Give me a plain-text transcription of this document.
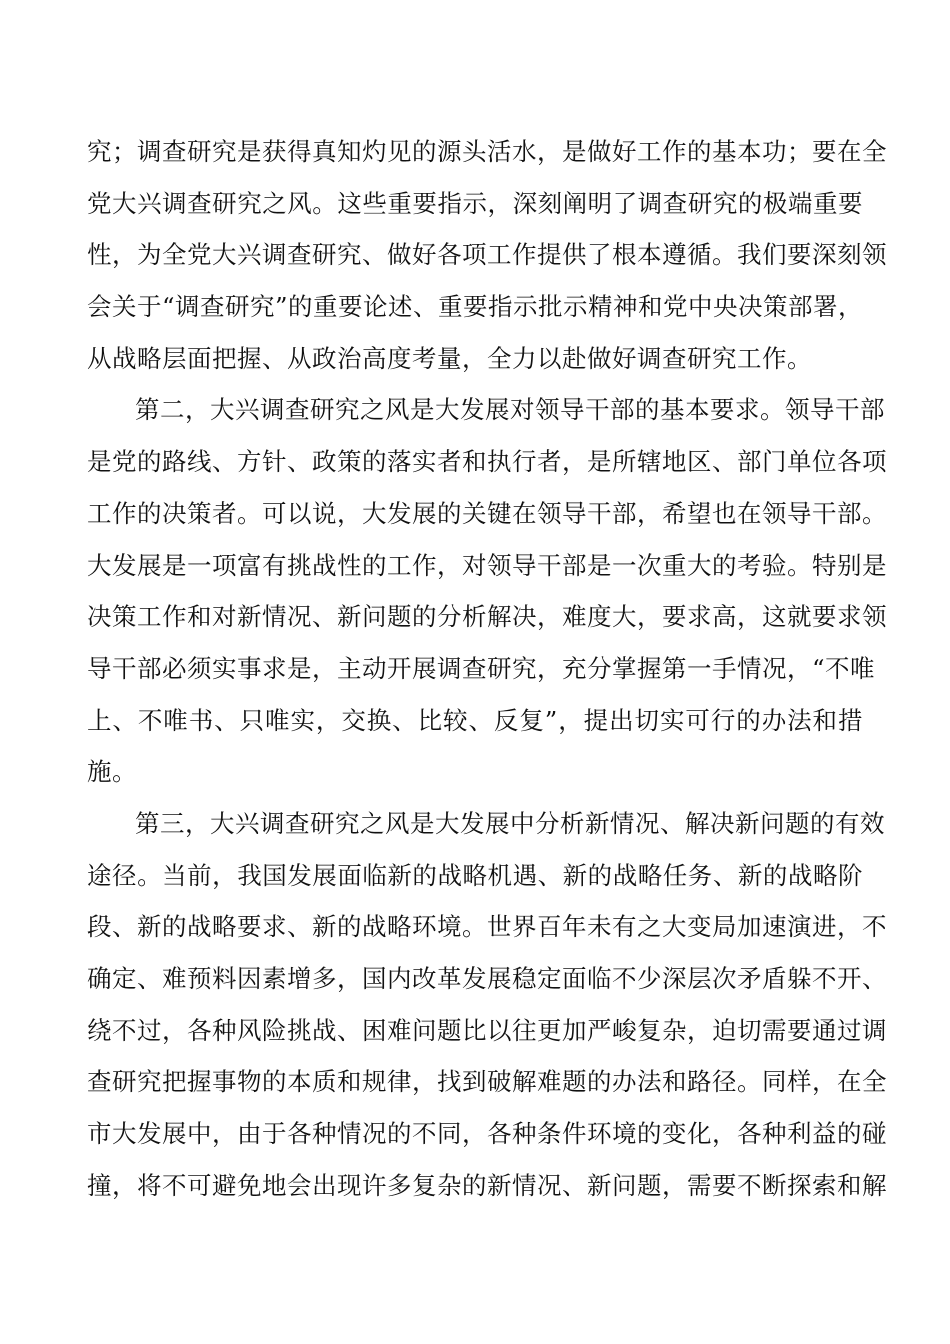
究；调查研究是获得真知灼见的源头活水，是做好工作的基本功；要在全
党大兴调查研究之风。这些重要指示，深刻阐明了调查研究的极端重要
性，为全党大兴调查研究、做好各项工作提供了根本遵循。我们要深刻领
会关于“调查研究”的重要论述、重要指示批示精神和党中央决策部署，
从战略层面把握、从政治高度考量，全力以赴做好调查研究工作。
第二，大兴调查研究之风是大发展对领导干部的基本要求。领导干部
是党的路线、方针、政策的落实者和执行者，是所辖地区、部门单位各项
工作的决策者。可以说，大发展的关键在领导干部，希望也在领导干部。
大发展是一项富有挑战性的工作，对领导干部是一次重大的考验。特别是
决策工作和对新情况、新问题的分析解决，难度大，要求高，这就要求领
导干部必须实事求是，主动开展调查研究，充分掌握第一手情况，“不唯
上、不唯书、只唯实，交换、比较、反复”，提出切实可行的办法和措
施。
第三，大兴调查研究之风是大发展中分析新情况、解决新问题的有效
途径。当前，我国发展面临新的战略机遇、新的战略任务、新的战略阶
段、新的战略要求、新的战略环境。世界百年未有之大变局加速演进，不
确定、难预料因素增多，国内改革发展稳定面临不少深层次矛盾躲不开、
绕不过，各种风险挑战、困难问题比以往更加严峻复杂，迫切需要通过调
查研究把握事物的本质和规律，找到破解难题的办法和路径。同样，在全
市大发展中，由于各种情况的不同，各种条件环境的变化，各种利益的碰
撞，将不可避免地会出现许多复杂的新情况、新问题，需要不断探索和解
